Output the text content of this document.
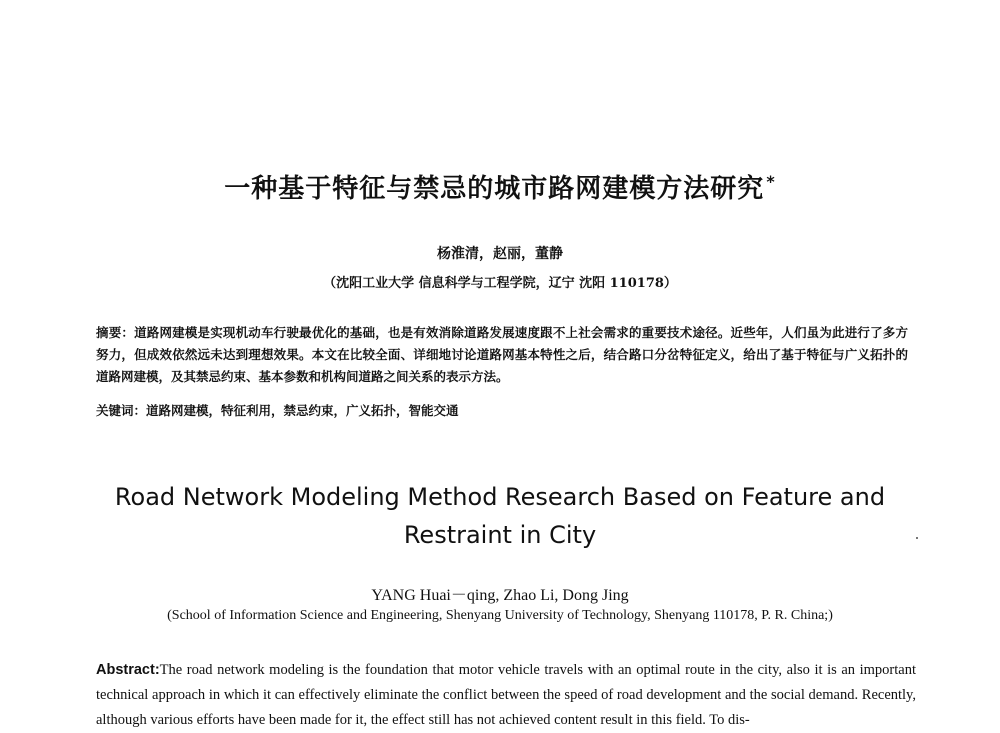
一种基于特征与禁忌的城市路网建模方法研究 *
杨淮清，赵丽，董静
（沈阳工业大学 信息科学与工程学院，辽宁 沈阳 110178）
摘要：道路网建模是实现机动车行驶最优化的基础，也是有效消除道路发展速度跟不上社会需求的重要技术途径。近些年，人们虽为此进行了多方努力，但成效依然远未达到理想效果。本文在比较全面、详细地讨论道路网基本特性之后，结合路口分岔特征定义，给出了基于特征与广义拓扑的道路网建模，及其禁忌约束、基本参数和机构间道路之间关系的表示方法。
关键词：道路网建模，特征利用，禁忌约束，广义拓扑，智能交通
Road Network Modeling Method Research Based on Feature and
Restraint in City
YANG Huai－qing, Zhao Li, Dong Jing
(School of Information Science and Engineering, Shenyang University of Technology, Shenyang 110178, P. R. China;)
Abstract:The road network modeling is the foundation that motor vehicle travels with an optimal route in the city, also it is an important technical approach in which it can effectively eliminate the conflict between the speed of road development and the social demand. Recently, although various efforts have been made for it, the effect still has not achieved content result in this field. To dis-
